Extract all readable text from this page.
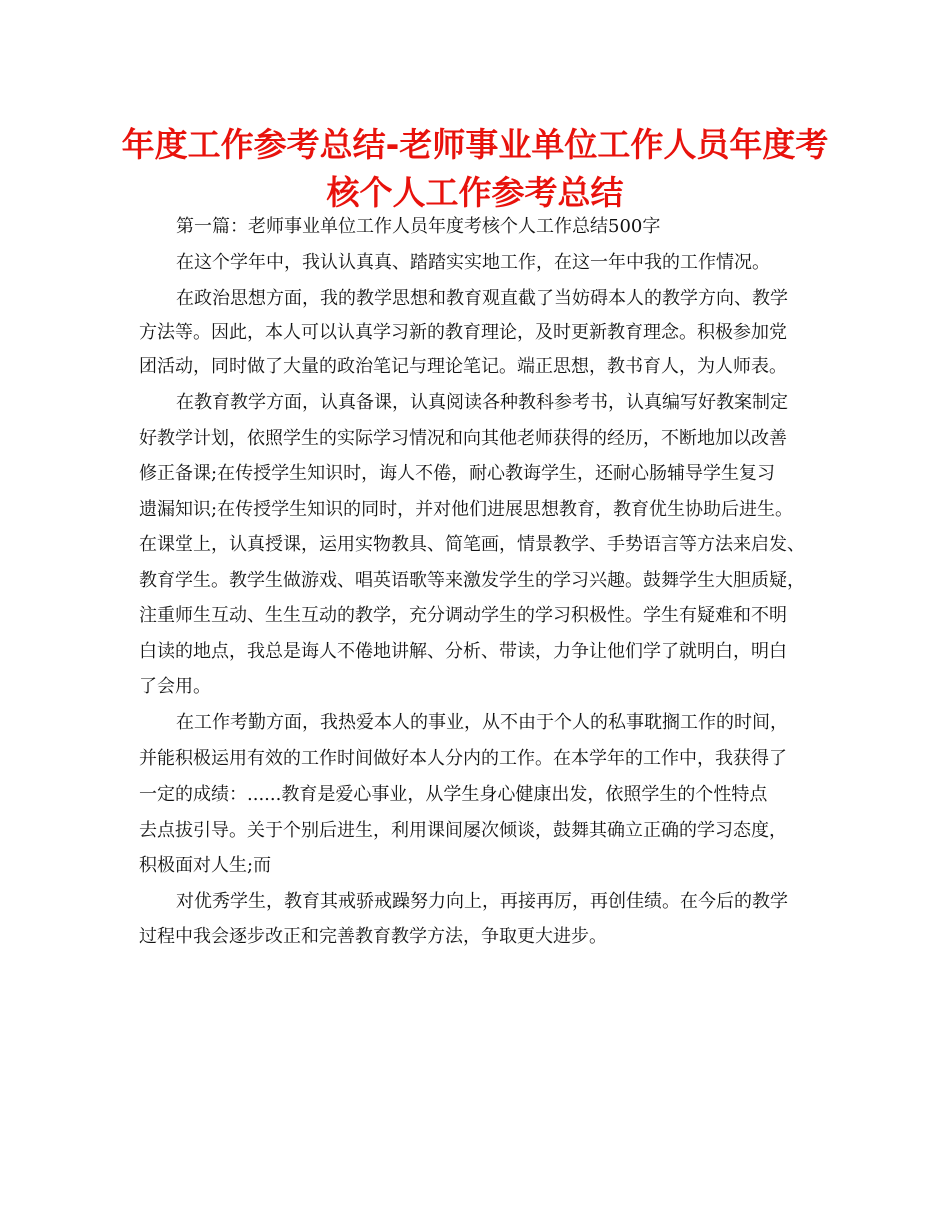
年度工作参考总结-老师事业单位工作人员年度考
核个人工作参考总结
第一篇：老师事业单位工作人员年度考核个人工作总结500字
在这个学年中，我认认真真、踏踏实实地工作，在这一年中我的工作情况。
在政治思想方面，我的教学思想和教育观直截了当妨碍本人的教学方向、教学
方法等。因此，本人可以认真学习新的教育理论，及时更新教育理念。积极参加党
团活动，同时做了大量的政治笔记与理论笔记。端正思想，教书育人，为人师表。
在教育教学方面，认真备课，认真阅读各种教科参考书，认真编写好教案制定
好教学计划，依照学生的实际学习情况和向其他老师获得的经历，不断地加以改善
修正备课;在传授学生知识时，诲人不倦，耐心教诲学生，还耐心肠辅导学生复习
遗漏知识;在传授学生知识的同时，并对他们进展思想教育，教育优生协助后进生。
在课堂上，认真授课，运用实物教具、简笔画，情景教学、手势语言等方法来启发、
教育学生。教学生做游戏、唱英语歌等来激发学生的学习兴趣。鼓舞学生大胆质疑，
注重师生互动、生生互动的教学，充分调动学生的学习积极性。学生有疑难和不明
白读的地点，我总是诲人不倦地讲解、分析、带读，力争让他们学了就明白，明白
了会用。
在工作考勤方面，我热爱本人的事业，从不由于个人的私事耽搁工作的时间，
并能积极运用有效的工作时间做好本人分内的工作。在本学年的工作中，我获得了
一定的成绩：......教育是爱心事业，从学生身心健康出发，依照学生的个性特点
去点拔引导。关于个别后进生，利用课间屡次倾谈，鼓舞其确立正确的学习态度，
积极面对人生;而
对优秀学生，教育其戒骄戒躁努力向上，再接再厉，再创佳绩。在今后的教学
过程中我会逐步改正和完善教育教学方法，争取更大进步。
